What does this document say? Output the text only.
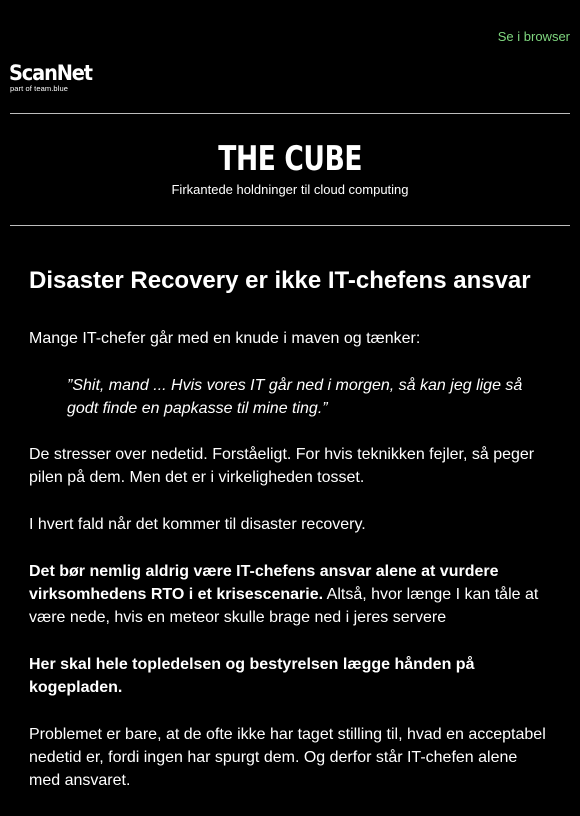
Se i browser
ScanNet
part of team.blue
THE CUBE
Firkantede holdninger til cloud computing
Disaster Recovery er ikke IT-chefens ansvar

Mange IT-chefer går med en knude i maven og tænker:

”Shit, mand ... Hvis vores IT går ned i morgen, så kan jeg lige så godt finde en papkasse til mine ting.”

De stresser over nedetid. Forståeligt. For hvis teknikken fejler, så peger pilen på dem. Men det er i virkeligheden tosset.

I hvert fald når det kommer til disaster recovery.

Det bør nemlig aldrig være IT-chefens ansvar alene at vurdere virksomhedens RTO i et krisescenarie. Altså, hvor længe I kan tåle at være nede, hvis en meteor skulle brage ned i jeres servere

Her skal hele topledelsen og bestyrelsen lægge hånden på kogepladen.

Problemet er bare, at de ofte ikke har taget stilling til, hvad en acceptabel nedetid er, fordi ingen har spurgt dem. Og derfor står IT-chefen alene med ansvaret.
